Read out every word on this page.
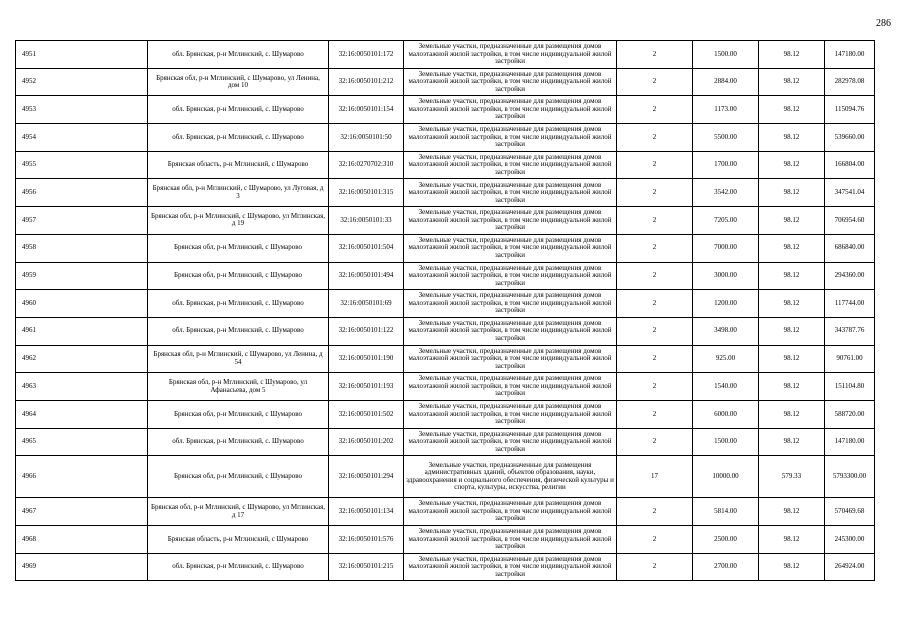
286
4951	обл. Брянская, р-н Мглинский, с. Шумарово	32:16:0050101:172	Земельные участки, предназначенные для размещения домов малоэтажной жилой застройки, в том числе индивидуальной жилой застройки	2	1500.00	98.12	147180.00
4952	Брянская обл, р-н Мглинский, с Шумарово, ул Ленина, дом 10	32:16:0050101:212	Земельные участки, предназначенные для размещения домов малоэтажной жилой застройки, в том числе индивидуальной жилой застройки	2	2884.00	98.12	282978.08
4953	обл. Брянская, р-н Мглинский, с. Шумарово	32:16:0050101:154	Земельные участки, предназначенные для размещения домов малоэтажной жилой застройки, в том числе индивидуальной жилой застройки	2	1173.00	98.12	115094.76
4954	обл. Брянская, р-н Мглинский, с. Шумарово	32:16:0050101:50	Земельные участки, предназначенные для размещения домов малоэтажной жилой застройки, в том числе индивидуальной жилой застройки	2	5500.00	98.12	539660.00
4955	Брянская область, р-н Мглинский, с Шумарово	32:16:0270702:310	Земельные участки, предназначенные для размещения домов малоэтажной жилой застройки, в том числе индивидуальной жилой застройки	2	1700.00	98.12	166804.00
4956	Брянская обл, р-н Мглинский, с Шумарово, ул Луговая, д 3	32:16:0050101:315	Земельные участки, предназначенные для размещения домов малоэтажной жилой застройки, в том числе индивидуальной жилой застройки	2	3542.00	98.12	347541.04
4957	Брянская обл, р-н Мглинский, с Шумарово, ул Мглинская, д 19	32:16:0050101:33	Земельные участки, предназначенные для размещения домов малоэтажной жилой застройки, в том числе индивидуальной жилой застройки	2	7205.00	98.12	706954.60
4958	Брянская обл, р-н Мглинский, с Шумарово	32:16:0050101:504	Земельные участки, предназначенные для размещения домов малоэтажной жилой застройки, в том числе индивидуальной жилой застройки	2	7000.00	98.12	686840.00
4959	Брянская обл, р-н Мглинский, с Шумарово	32:16:0050101:494	Земельные участки, предназначенные для размещения домов малоэтажной жилой застройки, в том числе индивидуальной жилой застройки	2	3000.00	98.12	294360.00
4960	обл. Брянская, р-н Мглинский, с. Шумарово	32:16:0050101:69	Земельные участки, предназначенные для размещения домов малоэтажной жилой застройки, в том числе индивидуальной жилой застройки	2	1200.00	98.12	117744.00
4961	обл. Брянская, р-н Мглинский, с. Шумарово	32:16:0050101:122	Земельные участки, предназначенные для размещения домов малоэтажной жилой застройки, в том числе индивидуальной жилой застройки	2	3498.00	98.12	343787.76
4962	Брянская обл, р-н Мглинский, с Шумарово, ул Ленина, д 54	32:16:0050101:190	Земельные участки, предназначенные для размещения домов малоэтажной жилой застройки, в том числе индивидуальной жилой застройки	2	925.00	98.12	90761.00
4963	Брянская обл, р-н Мглинский, с Шумарово, ул Афанасьева, дом 5	32:16:0050101:193	Земельные участки, предназначенные для размещения домов малоэтажной жилой застройки, в том числе индивидуальной жилой застройки	2	1540.00	98.12	151104.80
4964	Брянская обл, р-н Мглинский, с Шумарово	32:16:0050101:502	Земельные участки, предназначенные для размещения домов малоэтажной жилой застройки, в том числе индивидуальной жилой застройки	2	6000.00	98.12	588720.00
4965	обл. Брянская, р-н Мглинский, с. Шумарово	32:16:0050101:202	Земельные участки, предназначенные для размещения домов малоэтажной жилой застройки, в том числе индивидуальной жилой застройки	2	1500.00	98.12	147180.00
4966	Брянская обл, р-н Мглинский, с Шумарово	32:16:0050101:294	Земельные участки, предназначенные для размещения административных зданий, объектов образования, науки, здравоохранения и социального обеспечения, физической культуры и спорта, культуры, искусства, религии	17	10000.00	579.33	5793300.00
4967	Брянская обл, р-н Мглинский, с Шумарово, ул Мглинская, д 17	32:16:0050101:134	Земельные участки, предназначенные для размещения домов малоэтажной жилой застройки, в том числе индивидуальной жилой застройки	2	5814.00	98.12	570469.68
4968	Брянская область, р-н Мглинский, с Шумарово	32:16:0050101:576	Земельные участки, предназначенные для размещения домов малоэтажной жилой застройки, в том числе индивидуальной жилой застройки	2	2500.00	98.12	245300.00
4969	обл. Брянская, р-н Мглинский, с. Шумарово	32:16:0050101:215	Земельные участки, предназначенные для размещения домов малоэтажной жилой застройки, в том числе индивидуальной жилой застройки	2	2700.00	98.12	264924.00
